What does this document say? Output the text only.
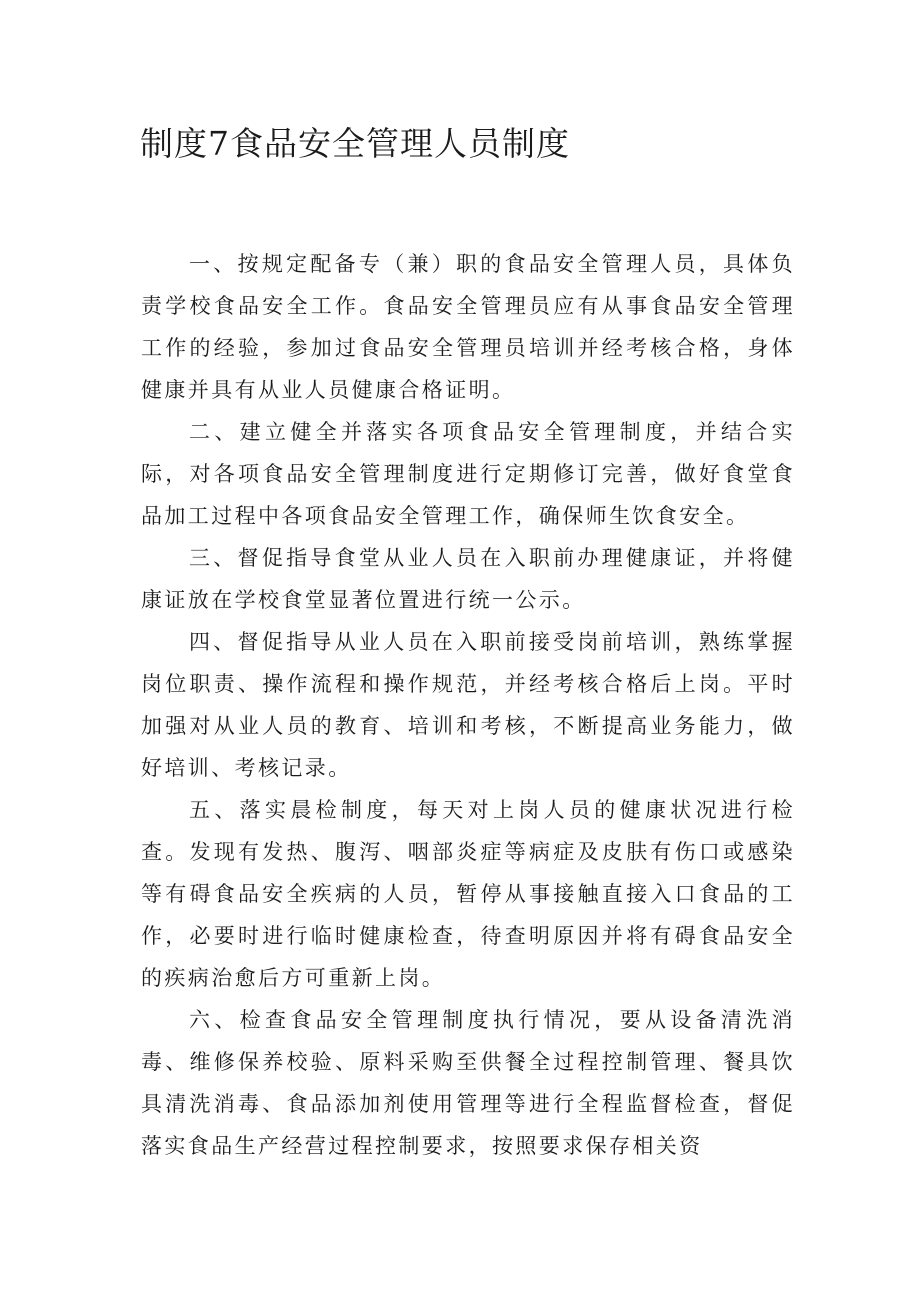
制度7食品安全管理人员制度

一、按规定配备专（兼）职的食品安全管理人员，具体负责学校食品安全工作。食品安全管理员应有从事食品安全管理工作的经验，参加过食品安全管理员培训并经考核合格，身体健康并具有从业人员健康合格证明。

二、建立健全并落实各项食品安全管理制度，并结合实际，对各项食品安全管理制度进行定期修订完善，做好食堂食品加工过程中各项食品安全管理工作，确保师生饮食安全。

三、督促指导食堂从业人员在入职前办理健康证，并将健康证放在学校食堂显著位置进行统一公示。

四、督促指导从业人员在入职前接受岗前培训，熟练掌握岗位职责、操作流程和操作规范，并经考核合格后上岗。平时加强对从业人员的教育、培训和考核，不断提高业务能力，做好培训、考核记录。

五、落实晨检制度，每天对上岗人员的健康状况进行检查。发现有发热、腹泻、咽部炎症等病症及皮肤有伤口或感染等有碍食品安全疾病的人员，暂停从事接触直接入口食品的工作，必要时进行临时健康检查，待查明原因并将有碍食品安全的疾病治愈后方可重新上岗。

六、检查食品安全管理制度执行情况，要从设备清洗消毒、维修保养校验、原料采购至供餐全过程控制管理、餐具饮具清洗消毒、食品添加剂使用管理等进行全程监督检查，督促落实食品生产经营过程控制要求，按照要求保存相关资
